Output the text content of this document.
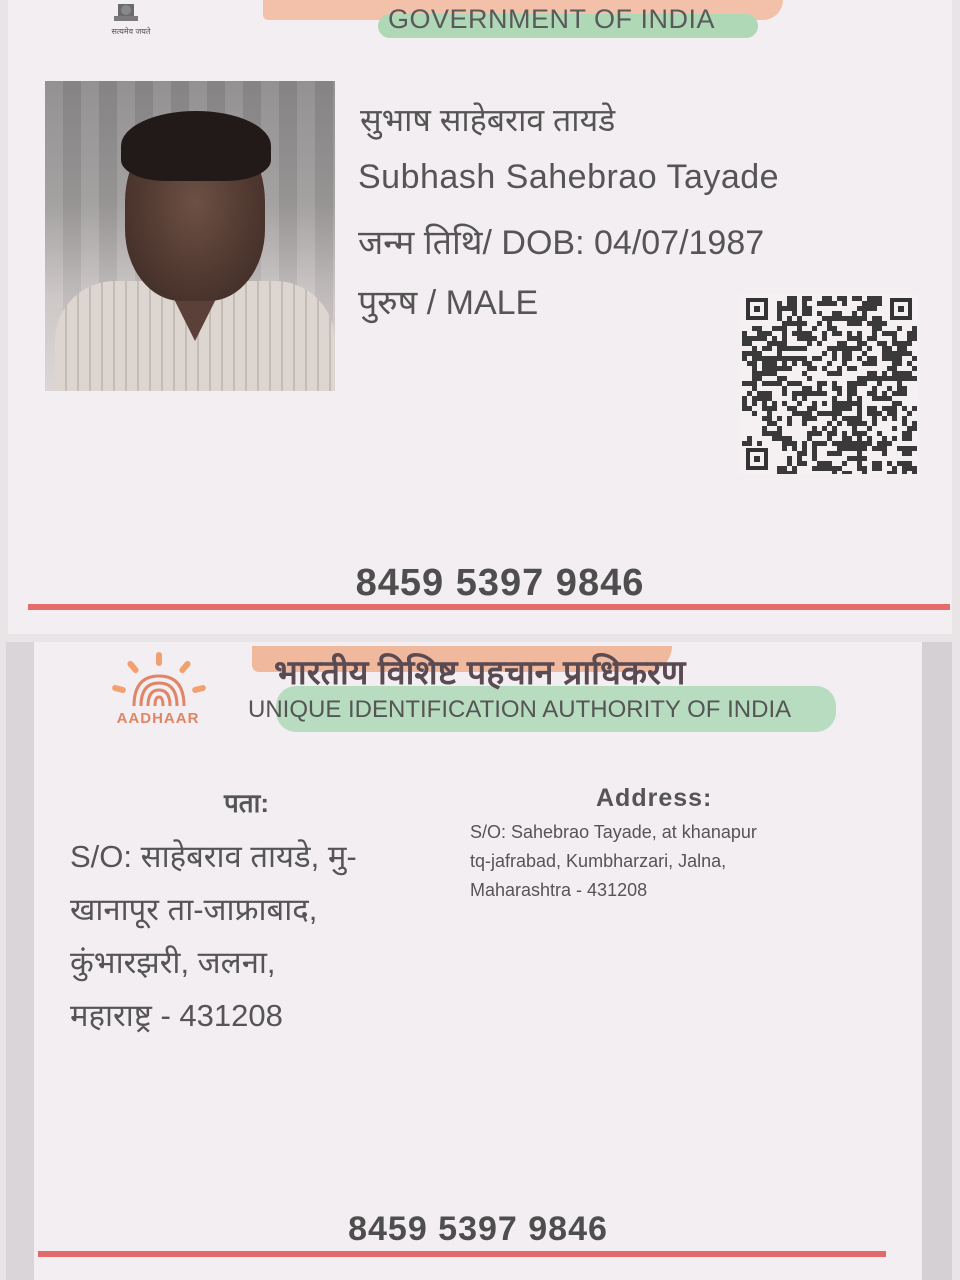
सत्यमेव जयते	GOVERNMENT OF INDIA
सुभाष साहेबराव तायडे
Subhash Sahebrao Tayade
जन्म तिथि/ DOB: 04/07/1987
पुरुष / MALE
8459 5397 9846
AADHAAR
भारतीय विशिष्ट पहचान प्राधिकरण
UNIQUE IDENTIFICATION AUTHORITY OF INDIA
पता:	Address:
S/O: साहेबराव तायडे, मु-
खानापूर ता-जाफ्राबाद,
कुंभारझरी, जलना,
महाराष्ट्र - 431208
S/O: Sahebrao Tayade, at khanapur
tq-jafrabad, Kumbharzari, Jalna,
Maharashtra - 431208
8459 5397 9846
